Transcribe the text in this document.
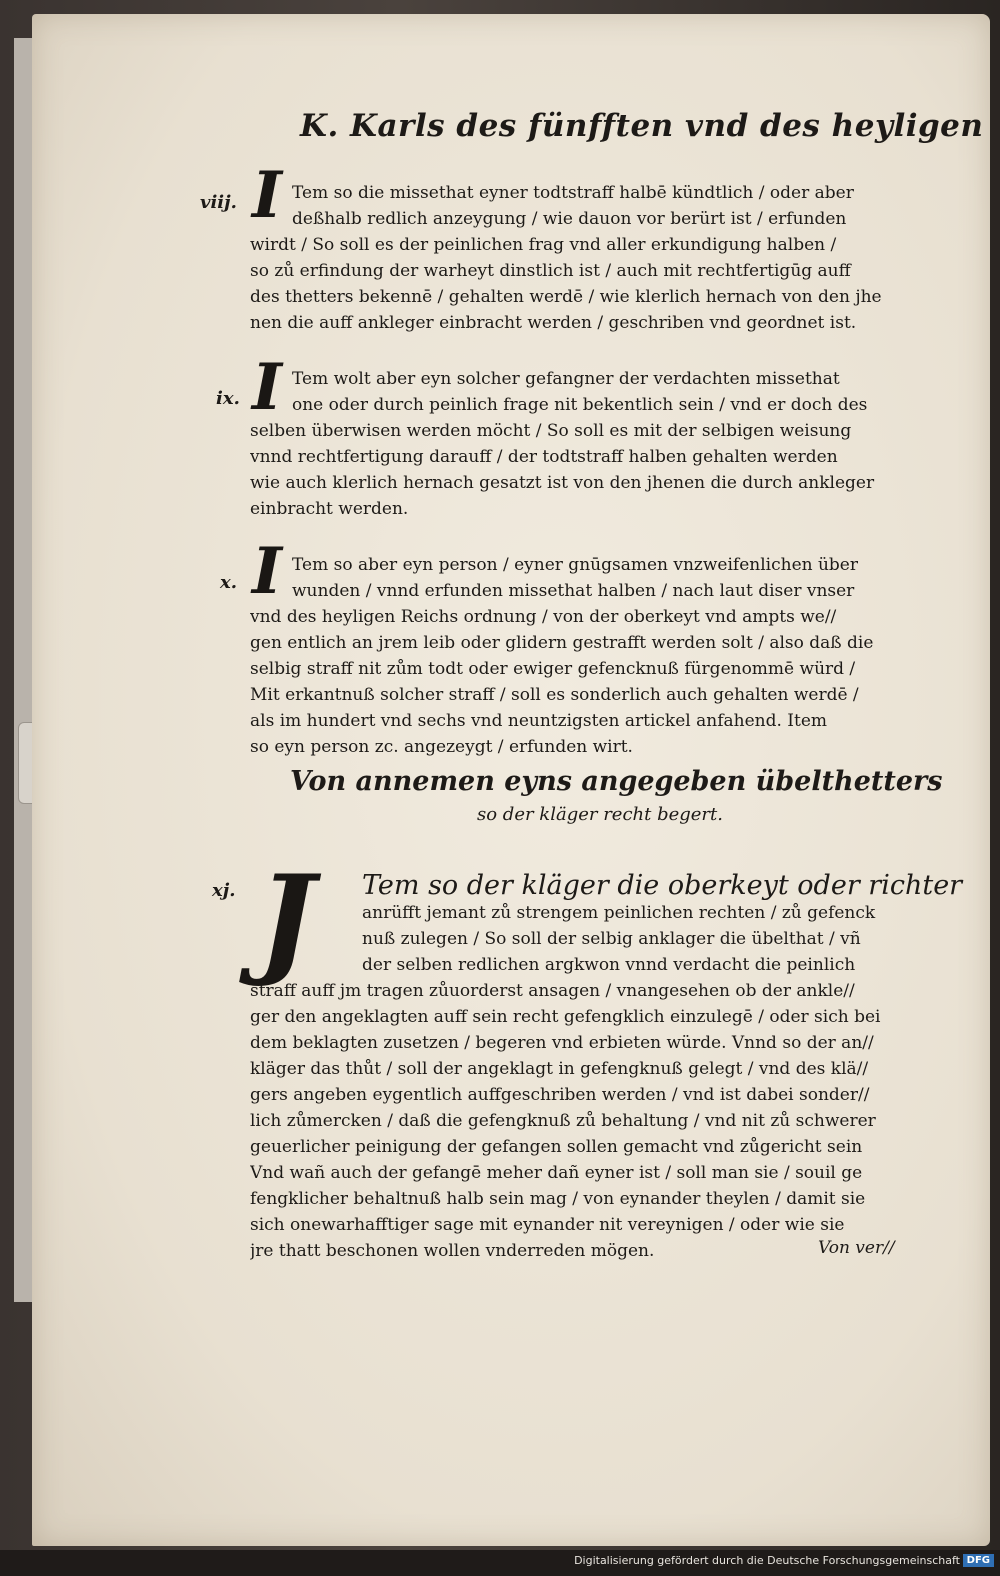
K. Karls des fünfften vnd des heyligen
viij. I Tem so die missethat eyner todtstraff halbē kündtlich / oder aber
deßhalb redlich anzeygung / wie dauon vor berürt ist / erfunden
wirdt / So soll es der peinlichen frag vnd aller erkundigung halben /
so zů erfindung der warheyt dinstlich ist / auch mit rechtfertigūg auff
des thetters bekennē / gehalten werdē / wie klerlich hernach von den jhe
nen die auff ankleger einbracht werden / geschriben vnd geordnet ist.
ix. I Tem wolt aber eyn solcher gefangner der verdachten missethat
one oder durch peinlich frage nit bekentlich sein / vnd er doch des
selben überwisen werden möcht / So soll es mit der selbigen weisung
vnnd rechtfertigung darauff / der todtstraff halben gehalten werden
wie auch klerlich hernach gesatzt ist von den jhenen die durch ankleger
einbracht werden.
x. I Tem so aber eyn person / eyner gnūgsamen vnzweifenlichen über
wunden / vnnd erfunden missethat halben / nach laut diser vnser
vnd des heyligen Reichs ordnung / von der oberkeyt vnd ampts we//
gen entlich an jrem leib oder glidern gestrafft werden solt / also daß die
selbig straff nit zům todt oder ewiger gefencknuß fürgenommē würd /
Mit erkantnuß solcher straff / soll es sonderlich auch gehalten werdē /
als im hundert vnd sechs vnd neuntzigsten artickel anfahend. Item
so eyn person zc. angezeygt / erfunden wirt.
Von annemen eyns angegeben übelthetters
so der kläger recht begert.
xj. J Tem so der kläger die oberkeyt oder richter
anrüfft jemant zů strengem peinlichen rechten / zů gefenck
nuß zulegen / So soll der selbig anklager die übelthat / vñ
der selben redlichen argkwon vnnd verdacht die peinlich
straff auff jm tragen zůuorderst ansagen / vnangesehen ob der ankle//
ger den angeklagten auff sein recht gefengklich einzulegē / oder sich bei
dem beklagten zusetzen / begeren vnd erbieten würde. Vnnd so der an//
kläger das thůt / soll der angeklagt in gefengknuß gelegt / vnd des klä//
gers angeben eygentlich auffgeschriben werden / vnd ist dabei sonder//
lich zůmercken / daß die gefengknuß zů behaltung / vnd nit zů schwerer
geuerlicher peinigung der gefangen sollen gemacht vnd zůgericht sein
Vnd wañ auch der gefangē meher dañ eyner ist / soll man sie / souil ge
fengklicher behaltnuß halb sein mag / von eynander theylen / damit sie
sich onewarhafftiger sage mit eynander nit vereynigen / oder wie sie
jre thatt beschonen wollen vnderreden mögen.	Von ver//
Digitalisierung gefördert durch die Deutsche Forschungsgemeinschaft DFG
